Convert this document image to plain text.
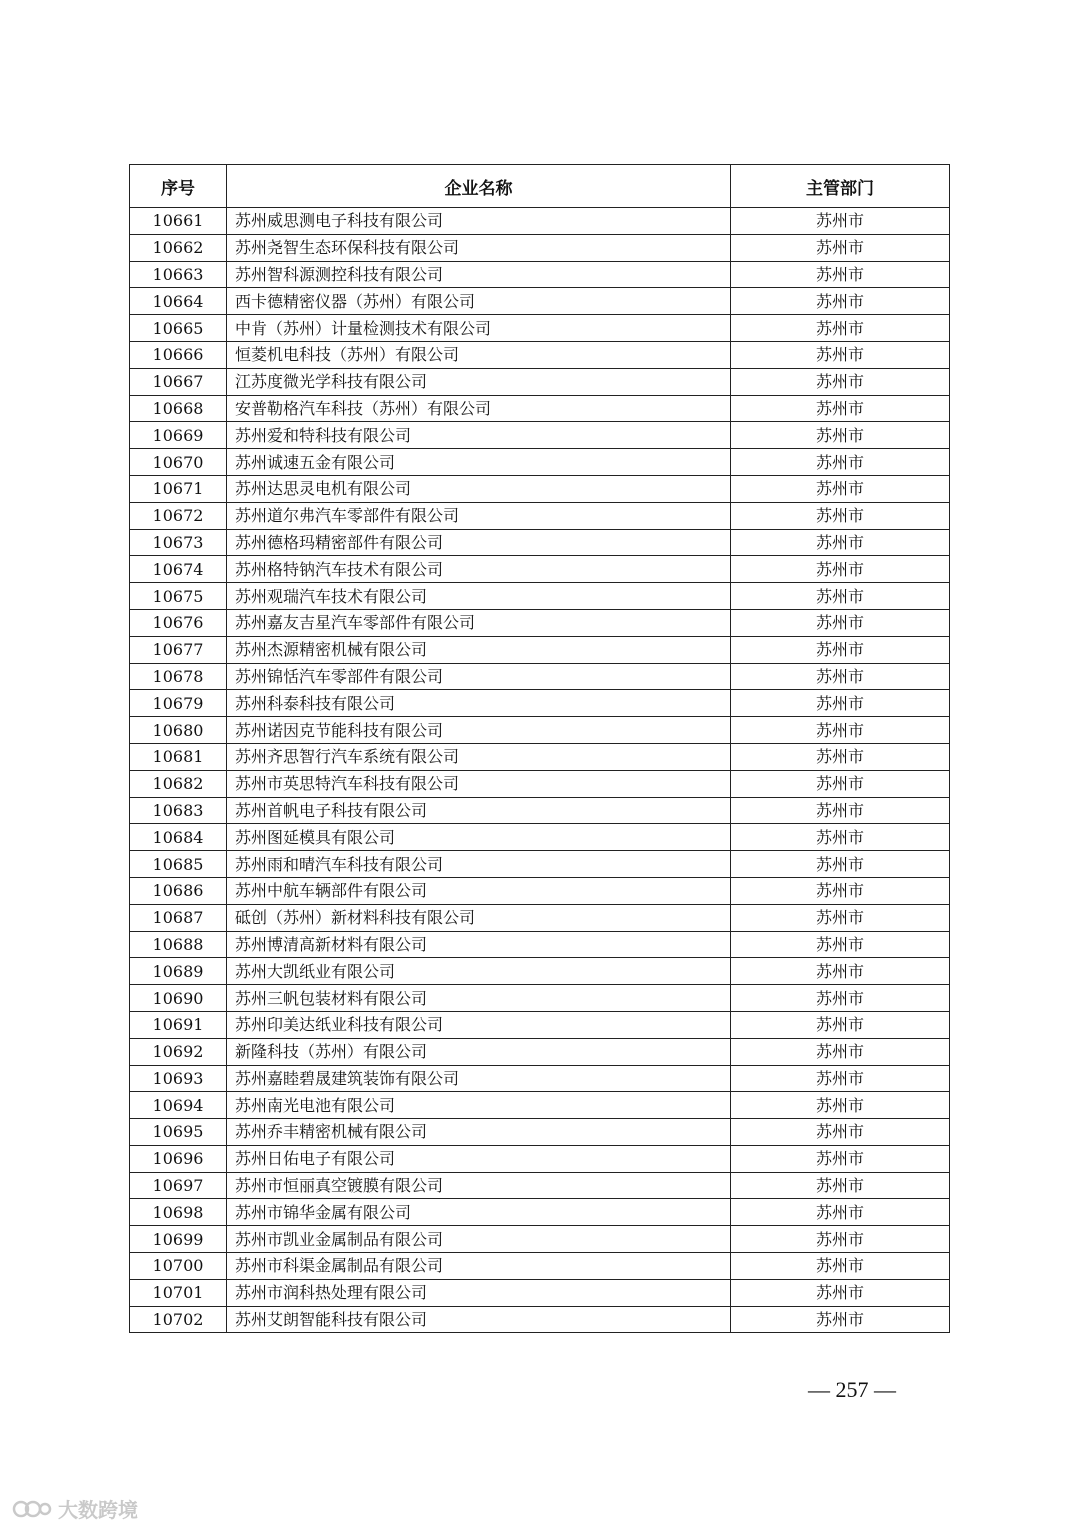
序号	企业名称	主管部门
10661	苏州威思测电子科技有限公司	苏州市
10662	苏州尧智生态环保科技有限公司	苏州市
10663	苏州智科源测控科技有限公司	苏州市
10664	西卡德精密仪器（苏州）有限公司	苏州市
10665	中肯（苏州）计量检测技术有限公司	苏州市
10666	恒菱机电科技（苏州）有限公司	苏州市
10667	江苏度微光学科技有限公司	苏州市
10668	安普勒格汽车科技（苏州）有限公司	苏州市
10669	苏州爱和特科技有限公司	苏州市
10670	苏州诚速五金有限公司	苏州市
10671	苏州达思灵电机有限公司	苏州市
10672	苏州道尔弗汽车零部件有限公司	苏州市
10673	苏州德格玛精密部件有限公司	苏州市
10674	苏州格特钠汽车技术有限公司	苏州市
10675	苏州观瑞汽车技术有限公司	苏州市
10676	苏州嘉友吉星汽车零部件有限公司	苏州市
10677	苏州杰源精密机械有限公司	苏州市
10678	苏州锦恬汽车零部件有限公司	苏州市
10679	苏州科泰科技有限公司	苏州市
10680	苏州诺因克节能科技有限公司	苏州市
10681	苏州齐思智行汽车系统有限公司	苏州市
10682	苏州市英思特汽车科技有限公司	苏州市
10683	苏州首帆电子科技有限公司	苏州市
10684	苏州图延模具有限公司	苏州市
10685	苏州雨和晴汽车科技有限公司	苏州市
10686	苏州中航车辆部件有限公司	苏州市
10687	砥创（苏州）新材料科技有限公司	苏州市
10688	苏州博清高新材料有限公司	苏州市
10689	苏州大凯纸业有限公司	苏州市
10690	苏州三帆包装材料有限公司	苏州市
10691	苏州印美达纸业科技有限公司	苏州市
10692	新隆科技（苏州）有限公司	苏州市
10693	苏州嘉睦碧晟建筑装饰有限公司	苏州市
10694	苏州南光电池有限公司	苏州市
10695	苏州乔丰精密机械有限公司	苏州市
10696	苏州日佑电子有限公司	苏州市
10697	苏州市恒丽真空镀膜有限公司	苏州市
10698	苏州市锦华金属有限公司	苏州市
10699	苏州市凯业金属制品有限公司	苏州市
10700	苏州市科渠金属制品有限公司	苏州市
10701	苏州市润科热处理有限公司	苏州市
10702	苏州艾朗智能科技有限公司	苏州市
— 257 —
大数跨境
